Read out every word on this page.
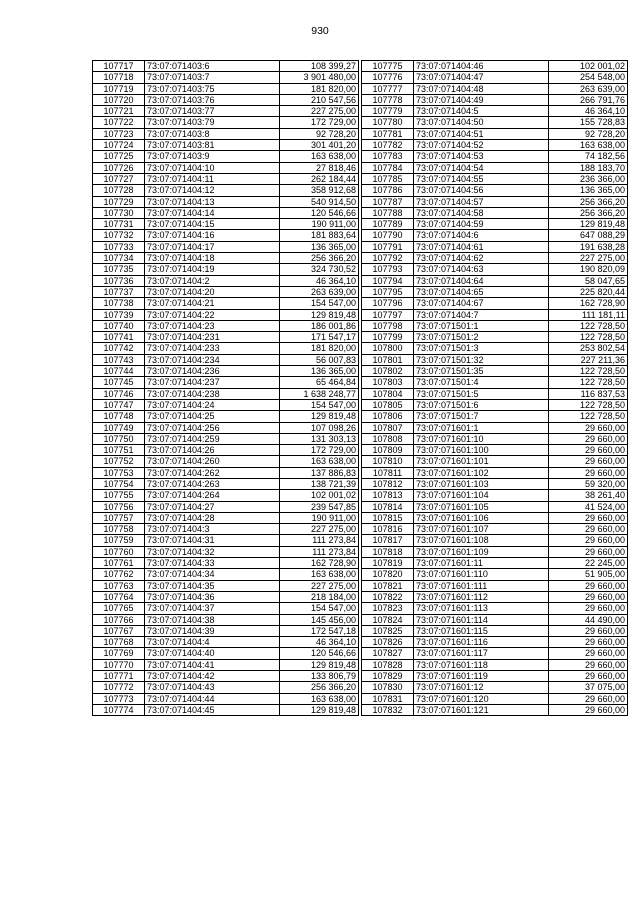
930
107717	73:07:071403:6	108 399,27
107718	73:07:071403:7	3 901 480,00
107719	73:07:071403:75	181 820,00
107720	73:07:071403:76	210 547,56
107721	73:07:071403:77	227 275,00
107722	73:07:071403:79	172 729,00
107723	73:07:071403:8	92 728,20
107724	73:07:071403:81	301 401,20
107725	73:07:071403:9	163 638,00
107726	73:07:071404:10	27 818,46
107727	73:07:071404:11	262 184,44
107728	73:07:071404:12	358 912,68
107729	73:07:071404:13	540 914,50
107730	73:07:071404:14	120 546,66
107731	73:07:071404:15	190 911,00
107732	73:07:071404:16	181 883,64
107733	73:07:071404:17	136 365,00
107734	73:07:071404:18	256 366,20
107735	73:07:071404:19	324 730,52
107736	73:07:071404:2	46 364,10
107737	73:07:071404:20	263 639,00
107738	73:07:071404:21	154 547,00
107739	73:07:071404:22	129 819,48
107740	73:07:071404:23	186 001,86
107741	73:07:071404:231	171 547,17
107742	73:07:071404:233	181 820,00
107743	73:07:071404:234	56 007,83
107744	73:07:071404:236	136 365,00
107745	73:07:071404:237	65 464,84
107746	73:07:071404:238	1 638 248,77
107747	73:07:071404:24	154 547,00
107748	73:07:071404:25	129 819,48
107749	73:07:071404:256	107 098,26
107750	73:07:071404:259	131 303,13
107751	73:07:071404:26	172 729,00
107752	73:07:071404:260	163 638,00
107753	73:07:071404:262	137 886,83
107754	73:07:071404:263	138 721,39
107755	73:07:071404:264	102 001,02
107756	73:07:071404:27	239 547,85
107757	73:07:071404:28	190 911,00
107758	73:07:071404:3	227 275,00
107759	73:07:071404:31	111 273,84
107760	73:07:071404:32	111 273,84
107761	73:07:071404:33	162 728,90
107762	73:07:071404:34	163 638,00
107763	73:07:071404:35	227 275,00
107764	73:07:071404:36	218 184,00
107765	73:07:071404:37	154 547,00
107766	73:07:071404:38	145 456,00
107767	73:07:071404:39	172 547,18
107768	73:07:071404:4	46 364,10
107769	73:07:071404:40	120 546,66
107770	73:07:071404:41	129 819,48
107771	73:07:071404:42	133 806,79
107772	73:07:071404:43	256 366,20
107773	73:07:071404:44	163 638,00
107774	73:07:071404:45	129 819,48
107775	73:07:071404:46	102 001,02
107776	73:07:071404:47	254 548,00
107777	73:07:071404:48	263 639,00
107778	73:07:071404:49	266 791,76
107779	73:07:071404:5	46 364,10
107780	73:07:071404:50	155 728,83
107781	73:07:071404:51	92 728,20
107782	73:07:071404:52	163 638,00
107783	73:07:071404:53	74 182,56
107784	73:07:071404:54	188 183,70
107785	73:07:071404:55	236 366,00
107786	73:07:071404:56	136 365,00
107787	73:07:071404:57	256 366,20
107788	73:07:071404:58	256 366,20
107789	73:07:071404:59	129 819,48
107790	73:07:071404:6	647 088,29
107791	73:07:071404:61	191 638,28
107792	73:07:071404:62	227 275,00
107793	73:07:071404:63	190 820,09
107794	73:07:071404:64	58 047,65
107795	73:07:071404:65	225 820,44
107796	73:07:071404:67	162 728,90
107797	73:07:071404:7	111 181,11
107798	73:07:071501:1	122 728,50
107799	73:07:071501:2	122 728,50
107800	73:07:071501:3	253 802,54
107801	73:07:071501:32	227 211,36
107802	73:07:071501:35	122 728,50
107803	73:07:071501:4	122 728,50
107804	73:07:071501:5	116 837,53
107805	73:07:071501:6	122 728,50
107806	73:07:071501:7	122 728,50
107807	73:07:071601:1	29 660,00
107808	73:07:071601:10	29 660,00
107809	73:07:071601:100	29 660,00
107810	73:07:071601:101	29 660,00
107811	73:07:071601:102	29 660,00
107812	73:07:071601:103	59 320,00
107813	73:07:071601:104	38 261,40
107814	73:07:071601:105	41 524,00
107815	73:07:071601:106	29 660,00
107816	73:07:071601:107	29 660,00
107817	73:07:071601:108	29 660,00
107818	73:07:071601:109	29 660,00
107819	73:07:071601:11	22 245,00
107820	73:07:071601:110	51 905,00
107821	73:07:071601:111	29 660,00
107822	73:07:071601:112	29 660,00
107823	73:07:071601:113	29 660,00
107824	73:07:071601:114	44 490,00
107825	73:07:071601:115	29 660,00
107826	73:07:071601:116	29 660,00
107827	73:07:071601:117	29 660,00
107828	73:07:071601:118	29 660,00
107829	73:07:071601:119	29 660,00
107830	73:07:071601:12	37 075,00
107831	73:07:071601:120	29 660,00
107832	73:07:071601:121	29 660,00
